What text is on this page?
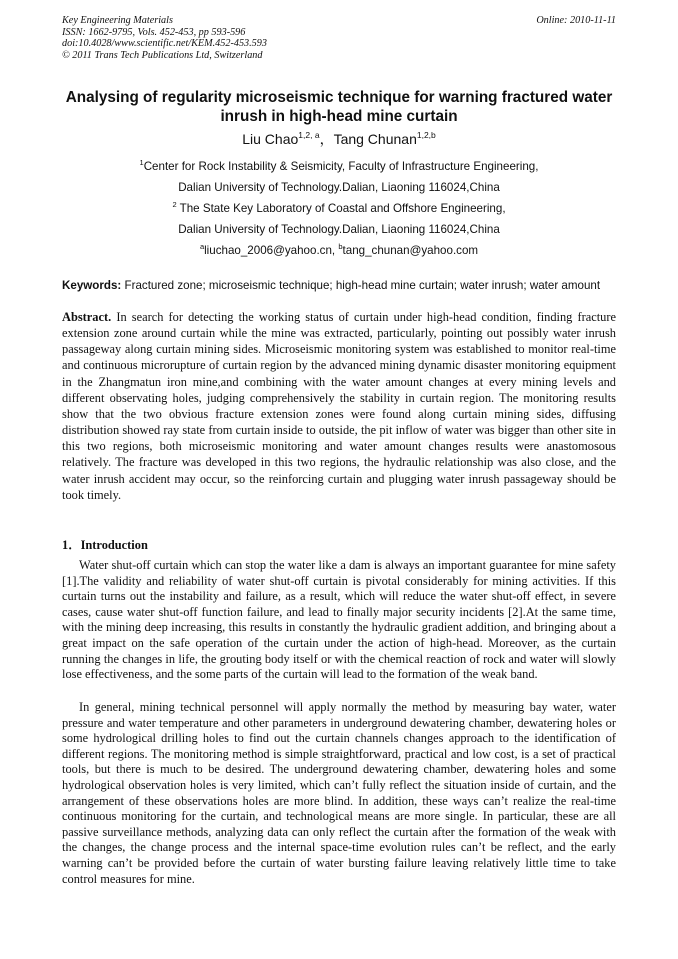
Key Engineering Materials
ISSN: 1662-9795, Vols. 452-453, pp 593-596
doi:10.4028/www.scientific.net/KEM.452-453.593
© 2011 Trans Tech Publications Ltd, Switzerland
Online: 2010-11-11
Analysing of regularity microseismic technique for warning fractured water inrush in high-head mine curtain
Liu Chao$^{1,2, a}$，Tang Chunan$^{1,2,b}$
$^1$Center for Rock Instability & Seismicity, Faculty of Infrastructure Engineering,
Dalian University of Technology.Dalian, Liaoning 116024,China
$^2$ The State Key Laboratory of Coastal and Offshore Engineering,
Dalian University of Technology.Dalian, Liaoning 116024,China
$^a$liuchao_2006@yahoo.cn, $^b$tang_chunan@yahoo.com
Keywords: Fractured zone; microseismic technique; high-head mine curtain; water inrush; water amount
Abstract. In search for detecting the working status of curtain under high-head condition, finding fracture extension zone around curtain while the mine was extracted, particularly, pointing out possibly water inrush passageway along curtain mining sides. Microseismic monitoring system was established to monitor real-time and continuous microrupture of curtain region by the advanced mining dynamic disaster monitoring equipment in the Zhangmatun iron mine,and combining with the water amount changes at every mining levels and different observating holes, judging comprehensively the stability in curtain region. The monitoring results show that the two obvious fracture extension zones were found along curtain mining sides, diffusing distribution showed ray state from curtain inside to outside, the pit inflow of water was bigger than other site in this two regions, both microseismic monitoring and water amount changes results were anastomosous relatively. The fracture was developed in this two regions, the hydraulic relationship was also close, and the water inrush accident may occur, so the reinforcing curtain and plugging water inrush passageway should be took timely.
1．Introduction
Water shut-off curtain which can stop the water like a dam is always an important guarantee for mine safety [1].The validity and reliability of water shut-off curtain is pivotal considerably for mining activities. If this curtain turns out the instability and failure, as a result, which will reduce the water shut-off effect, in severe cases, cause water shut-off function failure, and lead to finally major security incidents [2].At the same time, with the mining deep increasing, this results in constantly the hydraulic gradient addition, and bringing about a great impact on the safe operation of the curtain under the action of high-head. Moreover, as the curtain running the changes in life, the grouting body itself or with the chemical reaction of rock and water will slowly lose effectiveness, and the some parts of the curtain will lead to the formation of the weak band.
In general, mining technical personnel will apply normally the method by measuring bay water, water pressure and water temperature and other parameters in underground dewatering chamber, dewatering holes or some hydrological drilling holes to find out the curtain channels changes approach to the identification of different regions. The monitoring method is simple straightforward, practical and low cost, is a set of practical tools, but there is much to be desired. The underground dewatering chamber, dewatering holes and some hydrological observation holes is very limited, which can’t fully reflect the situation inside of curtain, and the arrangement of these observations holes are more blind. In addition, these ways can’t realize the real-time continuous monitoring for the curtain, and technological means are more single. In particular, these are all passive surveillance methods, analyzing data can only reflect the curtain after the formation of the weak with the changes, the change process and the internal space-time evolution rules can’t be reflect, and the early warning can’t be provided before the curtain of water bursting failure leaving relatively little time to take control measures for mine.
